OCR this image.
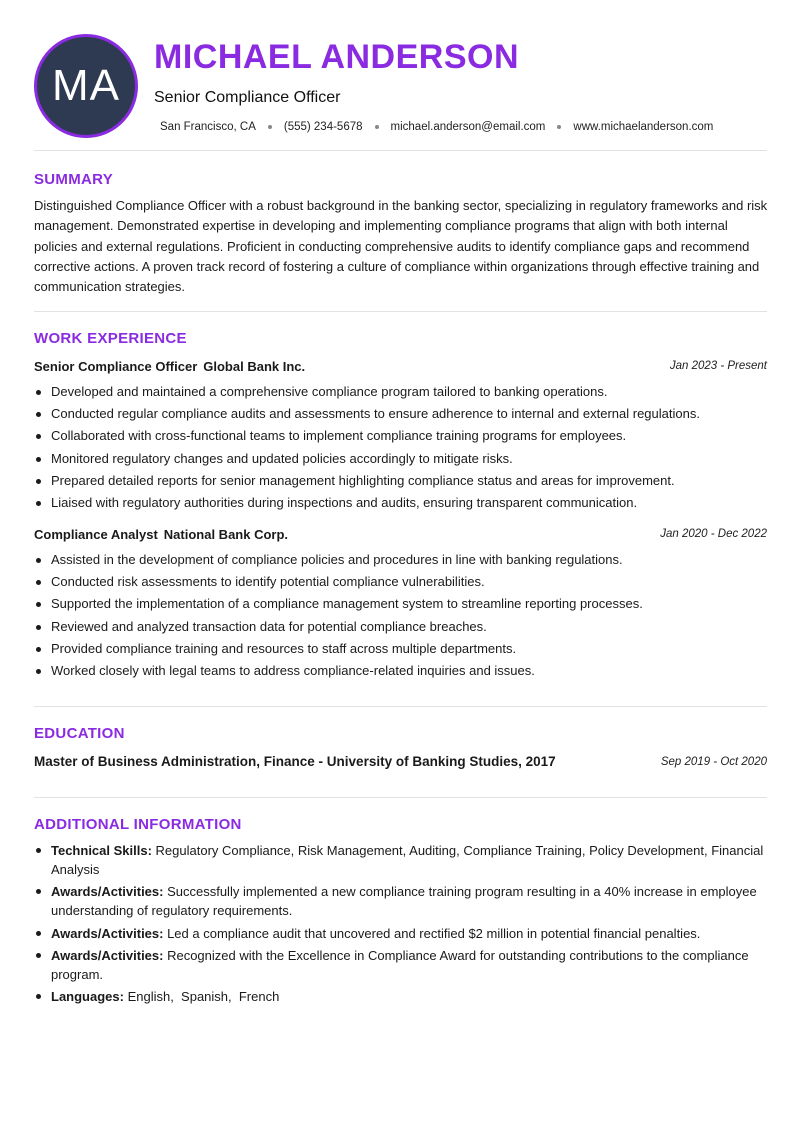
MA
MICHAEL ANDERSON
Senior Compliance Officer
San Francisco, CA (555) 234-5678 michael.anderson@email.com www.michaelanderson.com
SUMMARY

Distinguished Compliance Officer with a robust background in the banking sector, specializing in regulatory frameworks and risk management. Demonstrated expertise in developing and implementing compliance programs that align with both internal policies and external regulations. Proficient in conducting comprehensive audits to identify compliance gaps and recommend corrective actions. A proven track record of fostering a culture of compliance within organizations through effective training and communication strategies.

WORK EXPERIENCE
Senior Compliance Officer Global Bank Inc.	Jan 2023 - Present
Developed and maintained a comprehensive compliance program tailored to banking operations.
Conducted regular compliance audits and assessments to ensure adherence to internal and external regulations.
Collaborated with cross-functional teams to implement compliance training programs for employees.
Monitored regulatory changes and updated policies accordingly to mitigate risks.
Prepared detailed reports for senior management highlighting compliance status and areas for improvement.
Liaised with regulatory authorities during inspections and audits, ensuring transparent communication.
Compliance Analyst National Bank Corp.	Jan 2020 - Dec 2022
Assisted in the development of compliance policies and procedures in line with banking regulations.
Conducted risk assessments to identify potential compliance vulnerabilities.
Supported the implementation of a compliance management system to streamline reporting processes.
Reviewed and analyzed transaction data for potential compliance breaches.
Provided compliance training and resources to staff across multiple departments.
Worked closely with legal teams to address compliance-related inquiries and issues.
EDUCATION
Master of Business Administration, Finance - University of Banking Studies, 2017	Sep 2019 - Oct 2020
ADDITIONAL INFORMATION
Technical Skills: Regulatory Compliance, Risk Management, Auditing, Compliance Training, Policy Development, Financial Analysis
Awards/Activities: Successfully implemented a new compliance training program resulting in a 40% increase in employee understanding of regulatory requirements.
Awards/Activities: Led a compliance audit that uncovered and rectified $2 million in potential financial penalties.
Awards/Activities: Recognized with the Excellence in Compliance Award for outstanding contributions to the compliance program.
Languages: English,  Spanish,  French
